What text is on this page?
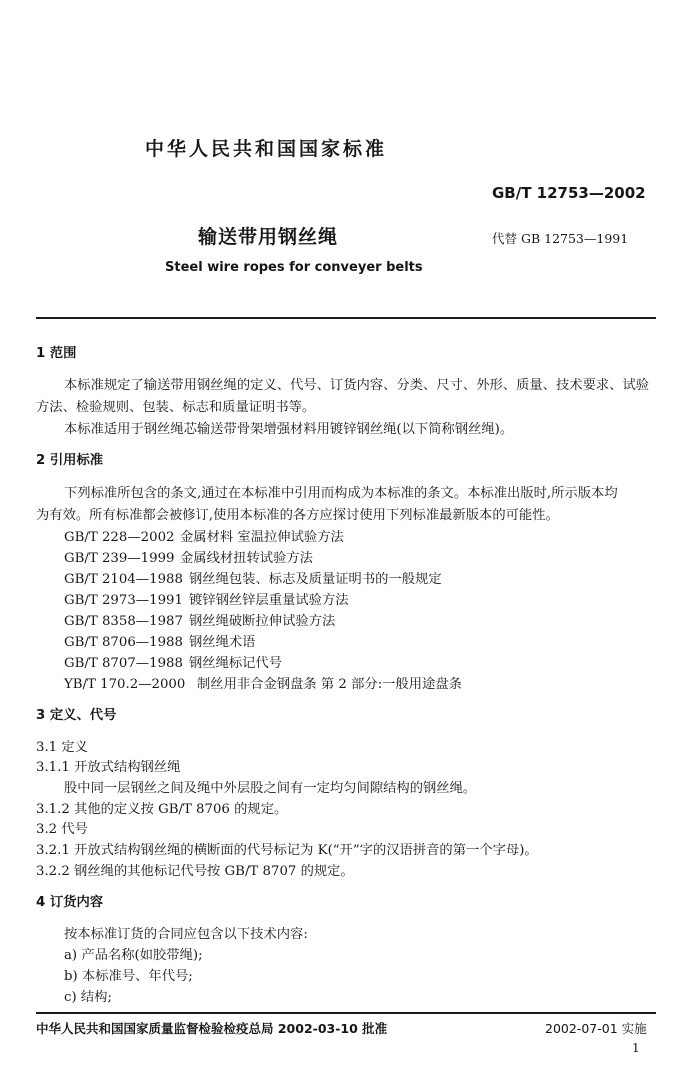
中华人民共和国国家标准
GB/T 12753—2002
输送带用钢丝绳	代替 GB 12753—1991
Steel wire ropes for conveyer belts
1 范围
本标准规定了输送带用钢丝绳的定义、代号、订货内容、分类、尺寸、外形、质量、技术要求、试验
方法、检验规则、包装、标志和质量证明书等。
本标准适用于钢丝绳芯输送带骨架增强材料用镀锌钢丝绳(以下简称钢丝绳)。
2 引用标准
下列标准所包含的条文,通过在本标准中引用而构成为本标准的条文。本标准出版时,所示版本均
为有效。所有标准都会被修订,使用本标准的各方应探讨使用下列标准最新版本的可能性。
GB/T 228—2002 金属材料 室温拉伸试验方法
GB/T 239—1999 金属线材扭转试验方法
GB/T 2104—1988 钢丝绳包装、标志及质量证明书的一般规定
GB/T 2973—1991 镀锌钢丝锌层重量试验方法
GB/T 8358—1987 钢丝绳破断拉伸试验方法
GB/T 8706—1988 钢丝绳术语
GB/T 8707—1988 钢丝绳标记代号
YB/T 170.2—2000 制丝用非合金钢盘条 第 2 部分:一般用途盘条
3 定义、代号
3.1 定义
3.1.1 开放式结构钢丝绳
股中同一层钢丝之间及绳中外层股之间有一定均匀间隙结构的钢丝绳。
3.1.2 其他的定义按 GB/T 8706 的规定。
3.2 代号
3.2.1 开放式结构钢丝绳的横断面的代号标记为 K(“开”字的汉语拼音的第一个字母)。
3.2.2 钢丝绳的其他标记代号按 GB/T 8707 的规定。
4 订货内容
按本标准订货的合同应包含以下技术内容:
a) 产品名称(如胶带绳);
b) 本标准号、年代号;
c) 结构;
中华人民共和国国家质量监督检验检疫总局 2002-03-10 批准	2002-07-01 实施
1
